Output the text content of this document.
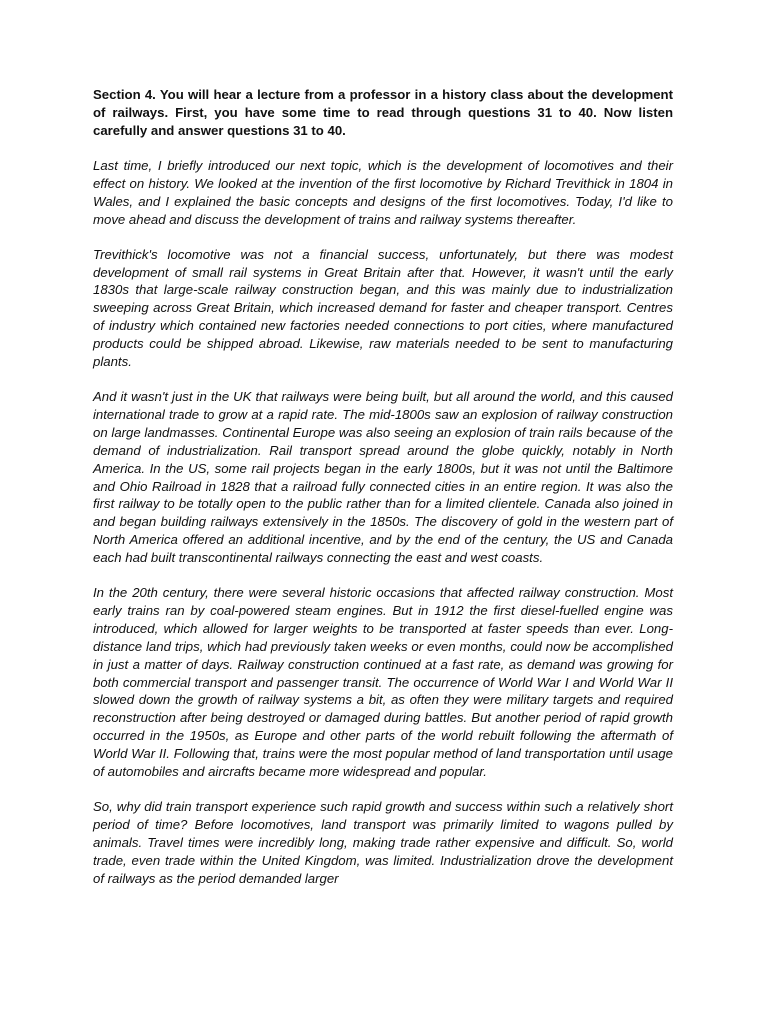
Section 4. You will hear a lecture from a professor in a history class about the development of railways. First, you have some time to read through questions 31 to 40. Now listen carefully and answer questions 31 to 40.

Last time, I briefly introduced our next topic, which is the development of locomotives and their effect on history. We looked at the invention of the first locomotive by Richard Trevithick in 1804 in Wales, and I explained the basic concepts and designs of the first locomotives. Today, I'd like to move ahead and discuss the development of trains and railway systems thereafter.

Trevithick's locomotive was not a financial success, unfortunately, but there was modest development of small rail systems in Great Britain after that. However, it wasn't until the early 1830s that large-scale railway construction began, and this was mainly due to industrialization sweeping across Great Britain, which increased demand for faster and cheaper transport. Centres of industry which contained new factories needed connections to port cities, where manufactured products could be shipped abroad. Likewise, raw materials needed to be sent to manufacturing plants.

And it wasn't just in the UK that railways were being built, but all around the world, and this caused international trade to grow at a rapid rate. The mid-1800s saw an explosion of railway construction on large landmasses. Continental Europe was also seeing an explosion of train rails because of the demand of industrialization. Rail transport spread around the globe quickly, notably in North America. In the US, some rail projects began in the early 1800s, but it was not until the Baltimore and Ohio Railroad in 1828 that a railroad fully connected cities in an entire region. It was also the first railway to be totally open to the public rather than for a limited clientele. Canada also joined in and began building railways extensively in the 1850s. The discovery of gold in the western part of North America offered an additional incentive, and by the end of the century, the US and Canada each had built transcontinental railways connecting the east and west coasts.

In the 20th century, there were several historic occasions that affected railway construction. Most early trains ran by coal-powered steam engines. But in 1912 the first diesel-fuelled engine was introduced, which allowed for larger weights to be transported at faster speeds than ever. Long-distance land trips, which had previously taken weeks or even months, could now be accomplished in just a matter of days. Railway construction continued at a fast rate, as demand was growing for both commercial transport and passenger transit. The occurrence of World War I and World War II slowed down the growth of railway systems a bit, as often they were military targets and required reconstruction after being destroyed or damaged during battles. But another period of rapid growth occurred in the 1950s, as Europe and other parts of the world rebuilt following the aftermath of World War II. Following that, trains were the most popular method of land transportation until usage of automobiles and aircrafts became more widespread and popular.

So, why did train transport experience such rapid growth and success within such a relatively short period of time? Before locomotives, land transport was primarily limited to wagons pulled by animals. Travel times were incredibly long, making trade rather expensive and difficult. So, world trade, even trade within the United Kingdom, was limited. Industrialization drove the development of railways as the period demanded larger
